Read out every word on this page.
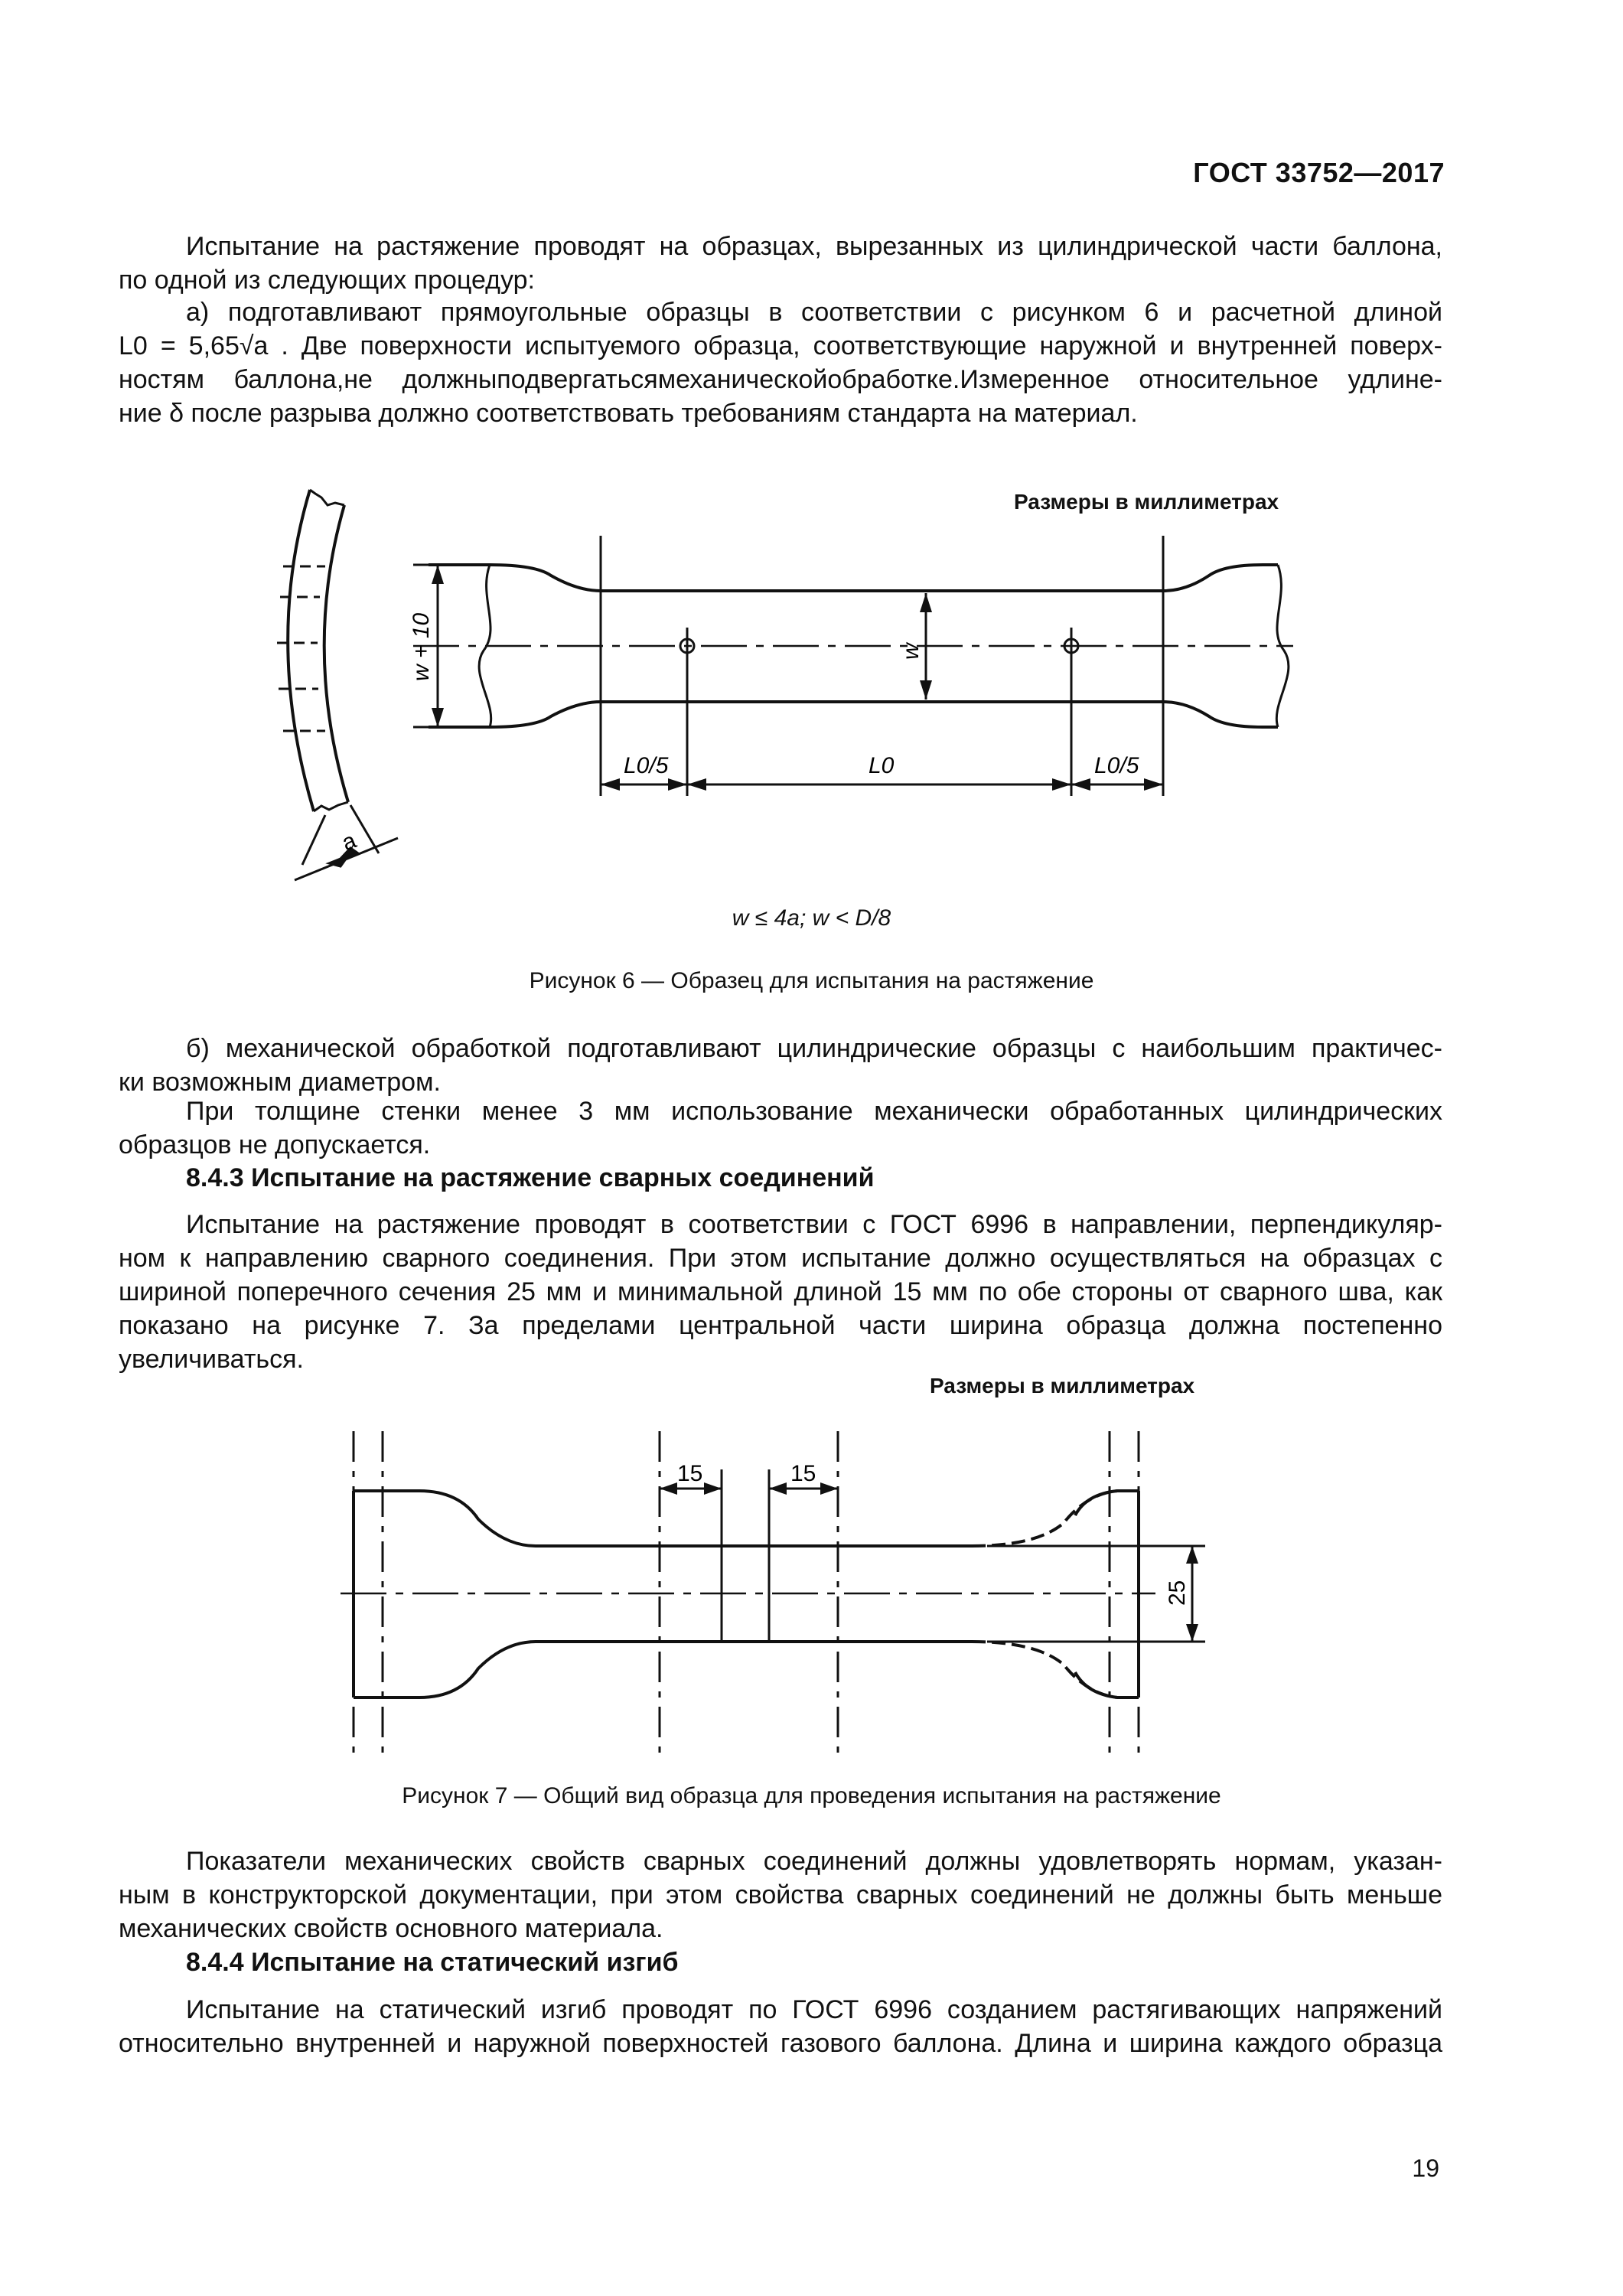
ГОСТ 33752—2017
Испытание на растяжение проводят на образцах, вырезанных из цилиндрической части баллона,
по одной из следующих процедур:
а) подготавливают прямоугольные образцы в соответствии с рисунком 6 и расчетной длиной
L0 = 5,65√a . Две поверхности испытуемого образца, соответствующие наружной и внутренней поверх-
ностям баллона,не должныподвергатьсямеханическойобработке.Измеренное относительное удлине-
ние δ после разрыва должно соответствовать требованиям стандарта на материал.
Размеры в миллиметрах
w + 10	w
L0/5	L0	L0/5
a
15	15
25
w ≤ 4a; w < D/8
Рисунок 6 — Образец для испытания на растяжение
б) механической обработкой подготавливают цилиндрические образцы с наибольшим практичес-
ки возможным диаметром.
При толщине стенки менее 3 мм использование механически обработанных цилиндрических
образцов не допускается.
8.4.3 Испытание на растяжение сварных соединений
Испытание на растяжение проводят в соответствии с ГОСТ 6996 в направлении, перпендикуляр-
ном к направлению сварного соединения. При этом испытание должно осуществляться на образцах с
шириной поперечного сечения 25 мм и минимальной длиной 15 мм по обе стороны от сварного шва, как
показано на рисунке 7. За пределами центральной части ширина образца должна постепенно
увеличиваться.
Размеры в миллиметрах
Рисунок 7 — Общий вид образца для проведения испытания на растяжение
Показатели механических свойств сварных соединений должны удовлетворять нормам, указан-
ным в конструкторской документации, при этом свойства сварных соединений не должны быть меньше
механических свойств основного материала.
8.4.4 Испытание на статический изгиб
Испытание на статический изгиб проводят по ГОСТ 6996 созданием растягивающих напряжений
относительно внутренней и наружной поверхностей газового баллона. Длина и ширина каждого образца
19
